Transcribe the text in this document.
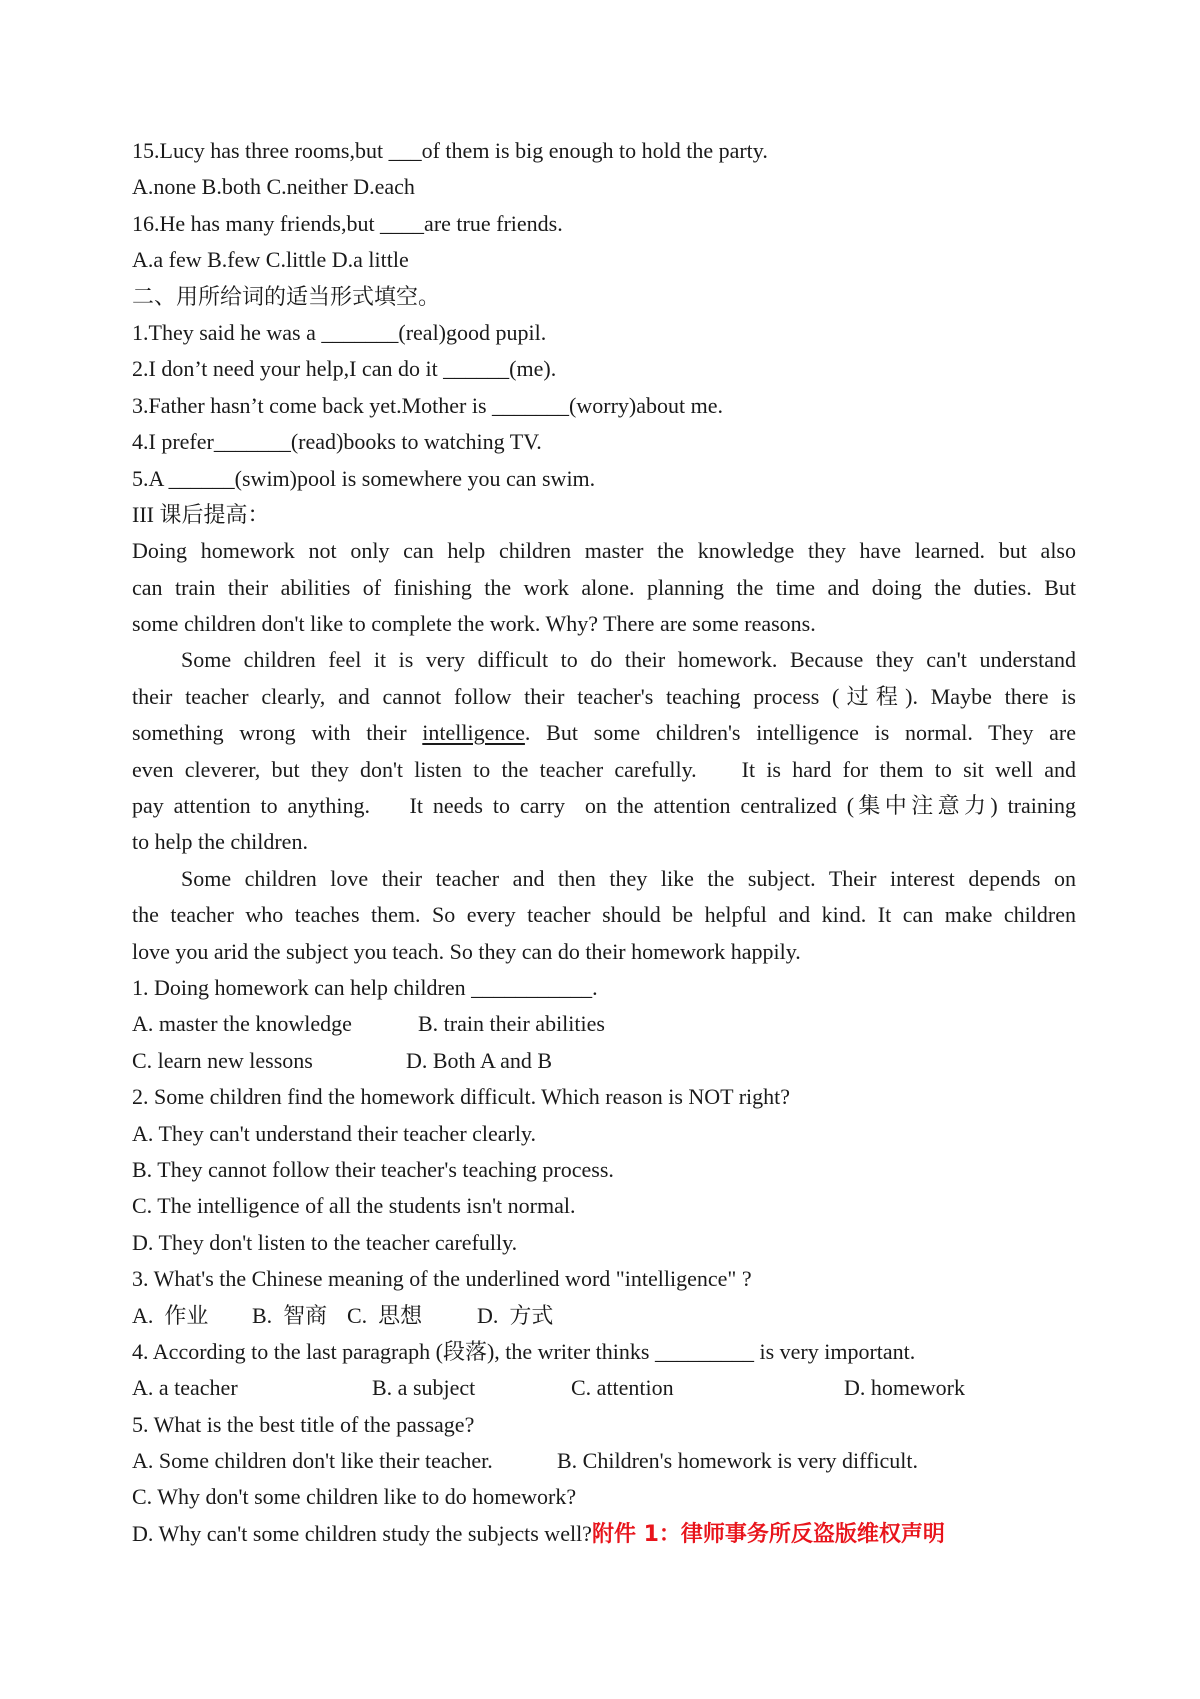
15.Lucy has three rooms,but ___of them is big enough to hold the party.
A.none B.both C.neither D.each
16.He has many friends,but ____are true friends.
A.a few B.few C.little D.a little
二、用所给词的适当形式填空。
1.They said he was a _______(real)good pupil.
2.I don’t need your help,I can do it ______(me).
3.Father hasn’t come back yet.Mother is _______(worry)about me.
4.I prefer_______(read)books to watching TV.
5.A ______(swim)pool is somewhere you can swim.
III 课后提高：
Doing homework not only can help children master the knowledge they have learned. but also
can train their abilities of finishing the work alone. planning the time and doing the duties. But
some children don't like to complete the work. Why? There are some reasons.
Some children feel it is very difficult to do their homework. Because they can't understand
their teacher clearly, and cannot follow their teacher's teaching process (过程). Maybe there is
something wrong with their intelligence. But some children's intelligence is normal. They are
even cleverer, but they don't listen to the teacher carefully.    It is hard for them to sit well and
pay attention to anything.    It needs to carry  on the attention centralized (集中注意力) training
to help the children.
Some children love their teacher and then they like the subject. Their interest depends on
the teacher who teaches them. So every teacher should be helpful and kind. It can make children
love you arid the subject you teach. So they can do their homework happily.
1. Doing homework can help children ___________.
A. master the knowledge	B. train their abilities
C. learn new lessons	D. Both A and B
2. Some children find the homework difficult. Which reason is NOT right?
A. They can't understand their teacher clearly.
B. They cannot follow their teacher's teaching process.
C. The intelligence of all the students isn't normal.
D. They don't listen to the teacher carefully.
3. What's the Chinese meaning of the underlined word "intelligence" ?
A.  作业 B.  智商 C.  思想 D.  方式
4. According to the last paragraph (段落), the writer thinks _________ is very important.
A. a teacher	B. a subject	C. attention	D. homework
5. What is the best title of the passage?
A. Some children don't like their teacher.	B. Children's homework is very difficult.
C. Why don't some children like to do homework?
D. Why can't some children study the subjects well?附件 1：律师事务所反盗版维权声明
